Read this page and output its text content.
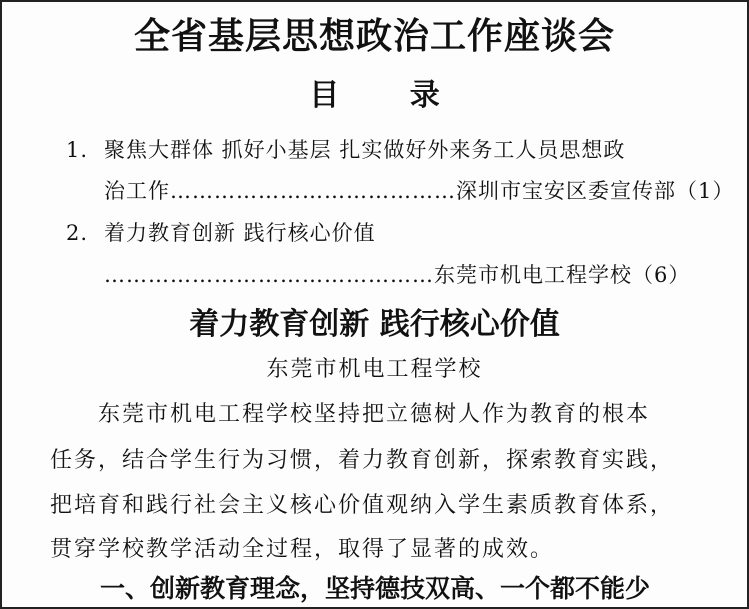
全省基层思想政治工作座谈会
目 录
1. 聚焦大群体 抓好小基层 扎实做好外来务工人员思想政
治工作…………………………………深圳市宝安区委宣传部（1）
2. 着力教育创新 践行核心价值
………………………………………东莞市机电工程学校（6）
着力教育创新 践行核心价值
东莞市机电工程学校
东莞市机电工程学校坚持把立德树人作为教育的根本
任务，结合学生行为习惯，着力教育创新，探索教育实践，
把培育和践行社会主义核心价值观纳入学生素质教育体系，
贯穿学校教学活动全过程，取得了显著的成效。
一、创新教育理念，坚持德技双高、一个都不能少
